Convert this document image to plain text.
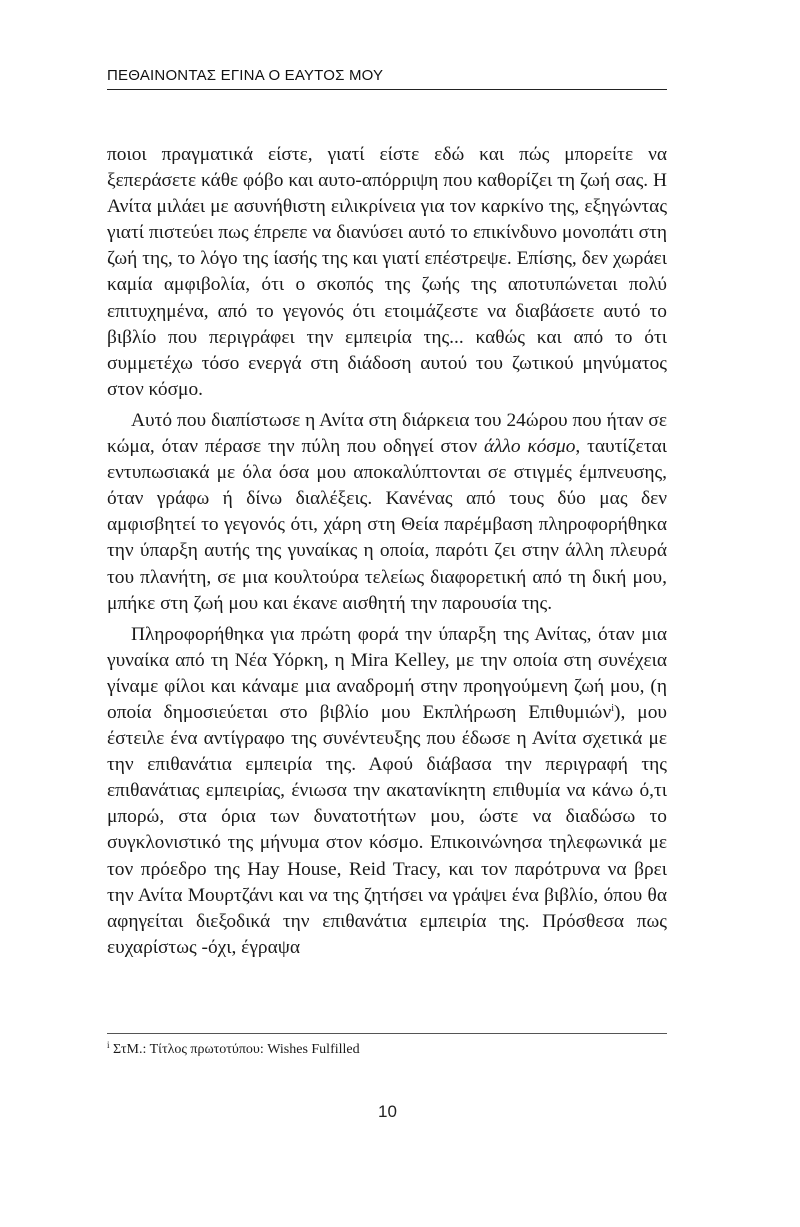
ΠΕΘΑΙΝΟΝΤΑΣ ΕΓΙΝΑ Ο ΕΑΥΤΟΣ ΜΟΥ

ποιοι πραγματικά είστε, γιατί είστε εδώ και πώς μπορείτε να ξεπεράσετε κάθε φόβο και αυτο-απόρριψη που καθορίζει τη ζωή σας. Η Ανίτα μιλάει με ασυνήθιστη ειλικρίνεια για τον καρκίνο της, εξηγώντας γιατί πιστεύει πως έπρεπε να διανύσει αυτό το επικίνδυνο μονοπάτι στη ζωή της, το λόγο της ίασής της και γιατί επέστρεψε. Επίσης, δεν χωράει καμία αμφιβολία, ότι ο σκοπός της ζωής της αποτυπώνεται πολύ επιτυχημένα, από το γεγονός ότι ετοιμάζεστε να διαβάσετε αυτό το βιβλίο που περιγράφει την εμπειρία της... καθώς και από το ότι συμμετέχω τόσο ενεργά στη διάδοση αυτού του ζωτικού μηνύματος στον κόσμο.

Αυτό που διαπίστωσε η Ανίτα στη διάρκεια του 24ώρου που ήταν σε κώμα, όταν πέρασε την πύλη που οδηγεί στον άλλο κόσμο, ταυτίζεται εντυπωσιακά με όλα όσα μου αποκαλύπτονται σε στιγμές έμπνευσης, όταν γράφω ή δίνω διαλέξεις. Κανένας από τους δύο μας δεν αμφισβητεί το γεγονός ότι, χάρη στη Θεία παρέμβαση πληροφορήθηκα την ύπαρξη αυτής της γυναίκας η οποία, παρότι ζει στην άλλη πλευρά του πλανήτη, σε μια κουλτούρα τελείως διαφορετική από τη δική μου, μπήκε στη ζωή μου και έκανε αισθητή την παρουσία της.

Πληροφορήθηκα για πρώτη φορά την ύπαρξη της Ανίτας, όταν μια γυναίκα από τη Νέα Υόρκη, η Mira Kelley, με την οποία στη συνέχεια γίναμε φίλοι και κάναμε μια αναδρομή στην προηγούμενη ζωή μου, (η οποία δημοσιεύεται στο βιβλίο μου Εκπλήρωση Επιθυμιών$^i$), μου έστειλε ένα αντίγραφο της συνέντευξης που έδωσε η Ανίτα σχετικά με την επιθανάτια εμπειρία της. Αφού διάβασα την περιγραφή της επιθανάτιας εμπειρίας, ένιωσα την ακατανίκητη επιθυμία να κάνω ό,τι μπορώ, στα όρια των δυνατοτήτων μου, ώστε να διαδώσω το συγκλονιστικό της μήνυμα στον κόσμο. Επικοινώνησα τηλεφωνικά με τον πρόεδρο της Hay House, Reid Tracy, και τον παρότρυνα να βρει την Ανίτα Μουρτζάνι και να της ζητήσει να γράψει ένα βιβλίο, όπου θα αφηγείται διεξοδικά την επιθανάτια εμπειρία της. Πρόσθεσα πως ευχαρίστως -όχι, έγραψα

$^i$ ΣτΜ.: Τίτλος πρωτοτύπου: Wishes Fulfilled
10
